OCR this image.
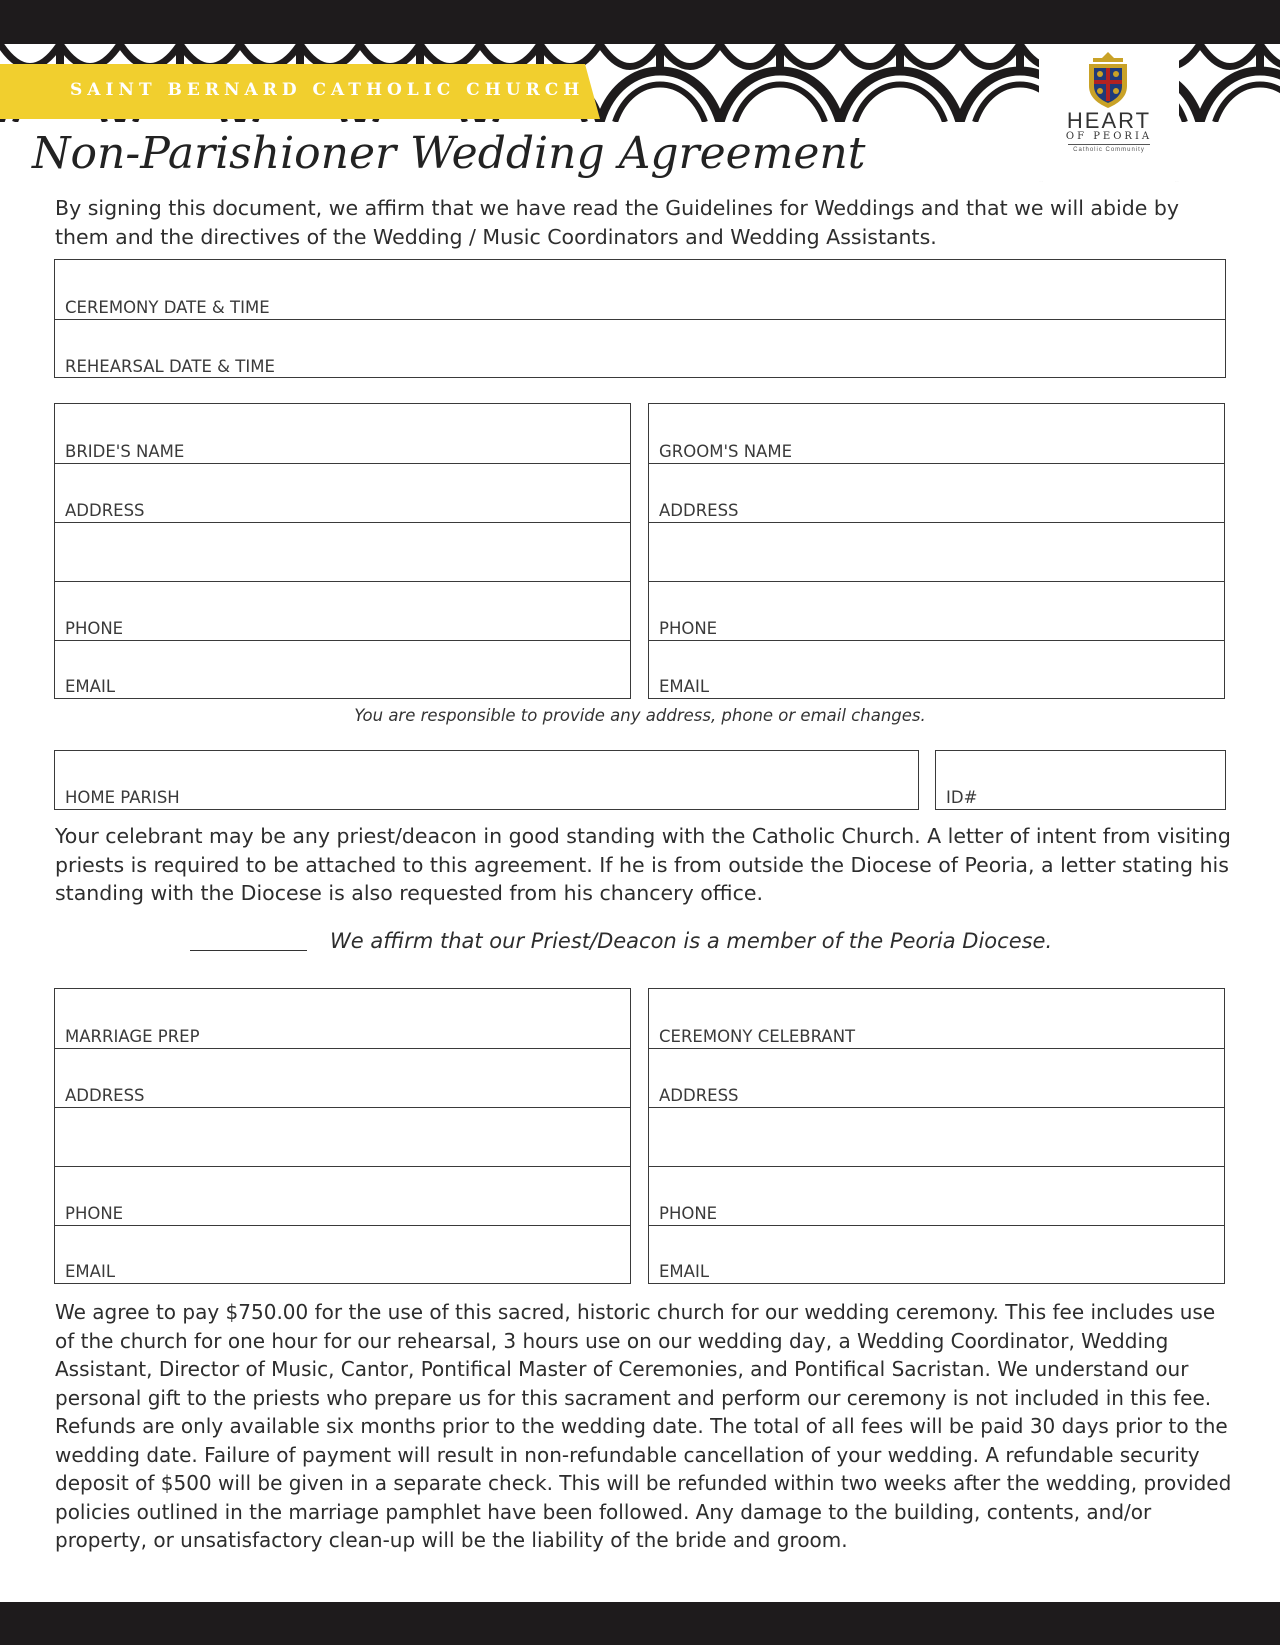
SAINT BERNARD CATHOLIC CHURCH
HEART
OF PEORIA
Catholic Community
Non-Parishioner Wedding Agreement
By signing this document, we affirm that we have read the Guidelines for Weddings and that we will abide by them and the directives of the Wedding / Music Coordinators and Wedding Assistants.
CEREMONY DATE & TIME
REHEARSAL DATE & TIME
BRIDE'S NAME
ADDRESS
PHONE
EMAIL
GROOM'S NAME
ADDRESS
PHONE
EMAIL
You are responsible to provide any address, phone or email changes.
HOME PARISH	ID#
Your celebrant may be any priest/deacon in good standing with the Catholic Church. A letter of intent from visiting priests is required to be attached to this agreement. If he is from outside the Diocese of Peoria, a letter stating his standing with the Diocese is also requested from his chancery office.
We affirm that our Priest/Deacon is a member of the Peoria Diocese.
MARRIAGE PREP
ADDRESS
PHONE
EMAIL
CEREMONY CELEBRANT
ADDRESS
PHONE
EMAIL
We agree to pay $750.00 for the use of this sacred, historic church for our wedding ceremony. This fee includes use of the church for one hour for our rehearsal, 3 hours use on our wedding day, a Wedding Coordinator, Wedding Assistant, Director of Music, Cantor, Pontifical Master of Ceremonies, and Pontifical Sacristan. We understand our personal gift to the priests who prepare us for this sacrament and perform our ceremony is not included in this fee. Refunds are only available six months prior to the wedding date. The total of all fees will be paid 30 days prior to the wedding date. Failure of payment will result in non-refundable cancellation of your wedding. A refundable security deposit of $500 will be given in a separate check. This will be refunded within two weeks after the wedding, provided policies outlined in the marriage pamphlet have been followed. Any damage to the building, contents, and/or property, or unsatisfactory clean-up will be the liability of the bride and groom.
